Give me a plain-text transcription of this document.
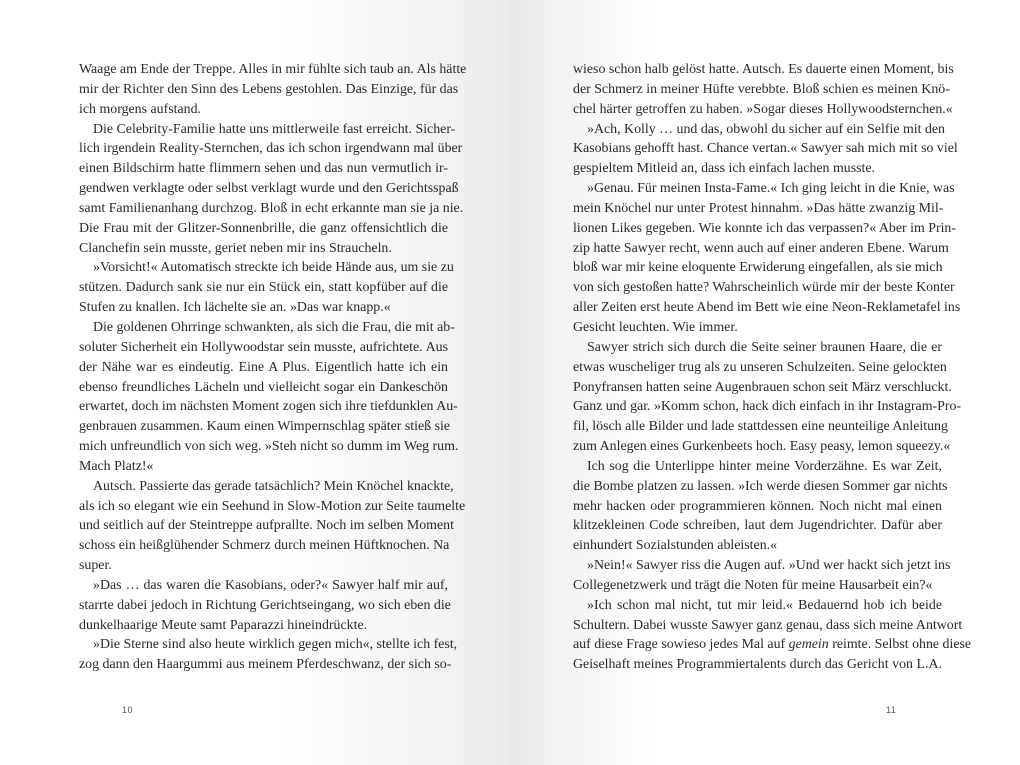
Waage am Ende der Treppe. Alles in mir fühlte sich taub an. Als hätte
mir der Richter den Sinn des Lebens gestohlen. Das Einzige, für das
ich morgens aufstand.
Die Celebrity-Familie hatte uns mittlerweile fast erreicht. Sicher-
lich irgendein Reality-Sternchen, das ich schon irgendwann mal über
einen Bildschirm hatte flimmern sehen und das nun vermutlich ir-
gendwen verklagte oder selbst verklagt wurde und den Gerichtsspaß
samt Familienanhang durchzog. Bloß in echt erkannte man sie ja nie.
Die Frau mit der Glitzer-Sonnenbrille, die ganz offensichtlich die
Clanchefin sein musste, geriet neben mir ins Straucheln.
»Vorsicht!« Automatisch streckte ich beide Hände aus, um sie zu
stützen. Dadurch sank sie nur ein Stück ein, statt kopfüber auf die
Stufen zu knallen. Ich lächelte sie an. »Das war knapp.«
Die goldenen Ohrringe schwankten, als sich die Frau, die mit ab-
soluter Sicherheit ein Hollywoodstar sein musste, aufrichtete. Aus
der Nähe war es eindeutig. Eine A Plus. Eigentlich hatte ich ein
ebenso freundliches Lächeln und vielleicht sogar ein Dankeschön
erwartet, doch im nächsten Moment zogen sich ihre tiefdunklen Au-
genbrauen zusammen. Kaum einen Wimpernschlag später stieß sie
mich unfreundlich von sich weg. »Steh nicht so dumm im Weg rum.
Mach Platz!«
Autsch. Passierte das gerade tatsächlich? Mein Knöchel knackte,
als ich so elegant wie ein Seehund in Slow-Motion zur Seite taumelte
und seitlich auf der Steintreppe aufprallte. Noch im selben Moment
schoss ein heißglühender Schmerz durch meinen Hüftknochen. Na
super.
»Das … das waren die Kasobians, oder?« Sawyer half mir auf,
starrte dabei jedoch in Richtung Gerichtseingang, wo sich eben die
dunkelhaarige Meute samt Paparazzi hineindrückte.
»Die Sterne sind also heute wirklich gegen mich«, stellte ich fest,
zog dann den Haargummi aus meinem Pferdeschwanz, der sich so-
10
wieso schon halb gelöst hatte. Autsch. Es dauerte einen Moment, bis
der Schmerz in meiner Hüfte verebbte. Bloß schien es meinen Knö-
chel härter getroffen zu haben. »Sogar dieses Hollywoodsternchen.«
»Ach, Kolly … und das, obwohl du sicher auf ein Selfie mit den
Kasobians gehofft hast. Chance vertan.« Sawyer sah mich mit so viel
gespieltem Mitleid an, dass ich einfach lachen musste.
»Genau. Für meinen Insta-Fame.« Ich ging leicht in die Knie, was
mein Knöchel nur unter Protest hinnahm. »Das hätte zwanzig Mil-
lionen Likes gegeben. Wie konnte ich das verpassen?« Aber im Prin-
zip hatte Sawyer recht, wenn auch auf einer anderen Ebene. Warum
bloß war mir keine eloquente Erwiderung eingefallen, als sie mich
von sich gestoßen hatte? Wahrscheinlich würde mir der beste Konter
aller Zeiten erst heute Abend im Bett wie eine Neon-Reklametafel ins
Gesicht leuchten. Wie immer.
Sawyer strich sich durch die Seite seiner braunen Haare, die er
etwas wuscheliger trug als zu unseren Schulzeiten. Seine gelockten
Ponyfransen hatten seine Augenbrauen schon seit März verschluckt.
Ganz und gar. »Komm schon, hack dich einfach in ihr Instagram-Pro-
fil, lösch alle Bilder und lade stattdessen eine neunteilige Anleitung
zum Anlegen eines Gurkenbeets hoch. Easy peasy, lemon squeezy.«
Ich sog die Unterlippe hinter meine Vorderzähne. Es war Zeit,
die Bombe platzen zu lassen. »Ich werde diesen Sommer gar nichts
mehr hacken oder programmieren können. Noch nicht mal einen
klitzekleinen Code schreiben, laut dem Jugendrichter. Dafür aber
einhundert Sozialstunden ableisten.«
»Nein!« Sawyer riss die Augen auf. »Und wer hackt sich jetzt ins
Collegenetzwerk und trägt die Noten für meine Hausarbeit ein?«
»Ich schon mal nicht, tut mir leid.« Bedauernd hob ich beide
Schultern. Dabei wusste Sawyer ganz genau, dass sich meine Antwort
auf diese Frage sowieso jedes Mal auf gemein reimte. Selbst ohne diese
Geiselhaft meines Programmiertalents durch das Gericht von L.A.
11
